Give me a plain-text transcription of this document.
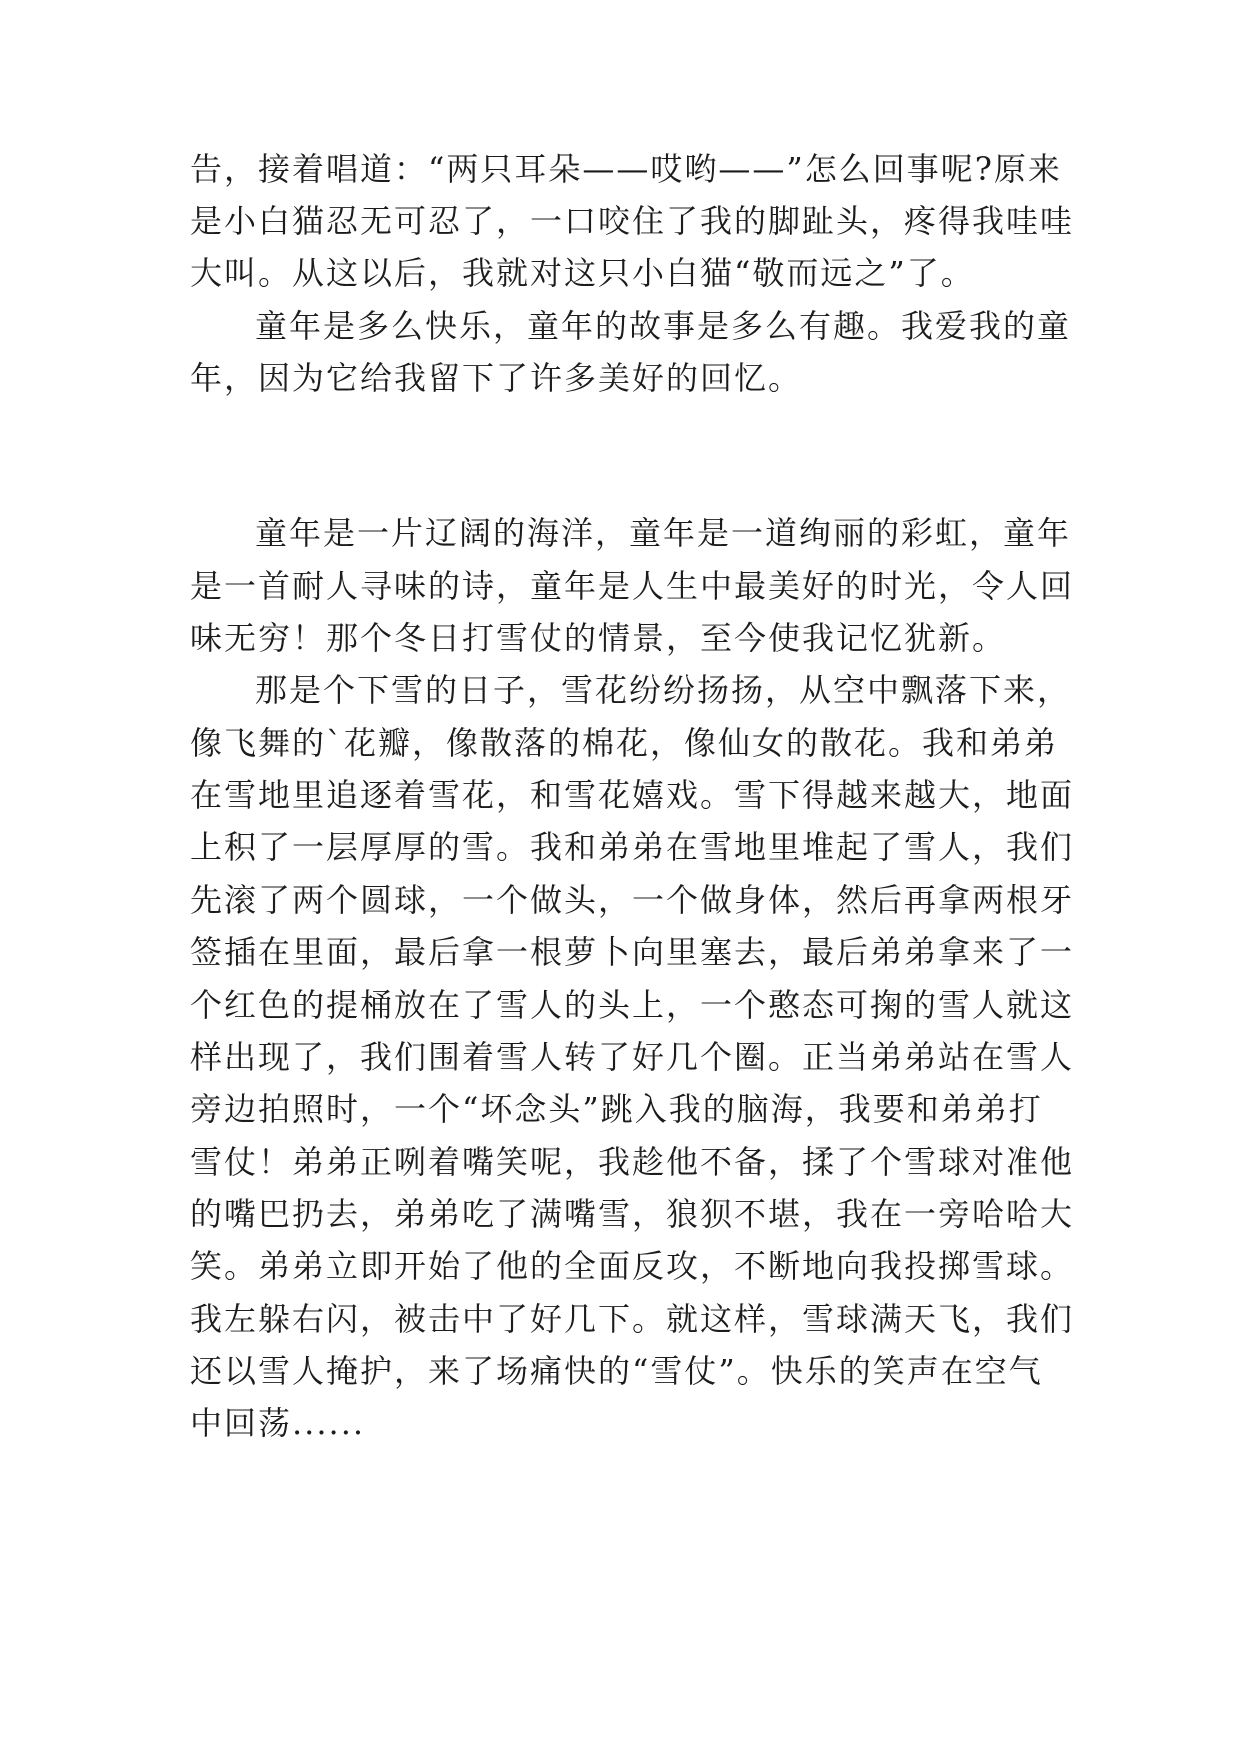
告，接着唱道：“两只耳朵——哎哟——”怎么回事呢?原来
是小白猫忍无可忍了，一口咬住了我的脚趾头，疼得我哇哇
大叫。从这以后，我就对这只小白猫“敬而远之”了。
童年是多么快乐，童年的故事是多么有趣。我爱我的童
年，因为它给我留下了许多美好的回忆。
童年是一片辽阔的海洋，童年是一道绚丽的彩虹，童年
是一首耐人寻味的诗，童年是人生中最美好的时光，令人回
味无穷！那个冬日打雪仗的情景，至今使我记忆犹新。
那是个下雪的日子，雪花纷纷扬扬，从空中飘落下来，
像飞舞的`花瓣，像散落的棉花，像仙女的散花。我和弟弟
在雪地里追逐着雪花，和雪花嬉戏。雪下得越来越大，地面
上积了一层厚厚的雪。我和弟弟在雪地里堆起了雪人，我们
先滚了两个圆球，一个做头，一个做身体，然后再拿两根牙
签插在里面，最后拿一根萝卜向里塞去，最后弟弟拿来了一
个红色的提桶放在了雪人的头上，一个憨态可掬的雪人就这
样出现了，我们围着雪人转了好几个圈。正当弟弟站在雪人
旁边拍照时，一个“坏念头”跳入我的脑海，我要和弟弟打
雪仗！弟弟正咧着嘴笑呢，我趁他不备，揉了个雪球对准他
的嘴巴扔去，弟弟吃了满嘴雪，狼狈不堪，我在一旁哈哈大
笑。弟弟立即开始了他的全面反攻，不断地向我投掷雪球。
我左躲右闪，被击中了好几下。就这样，雪球满天飞，我们
还以雪人掩护，来了场痛快的“雪仗”。快乐的笑声在空气
中回荡......
